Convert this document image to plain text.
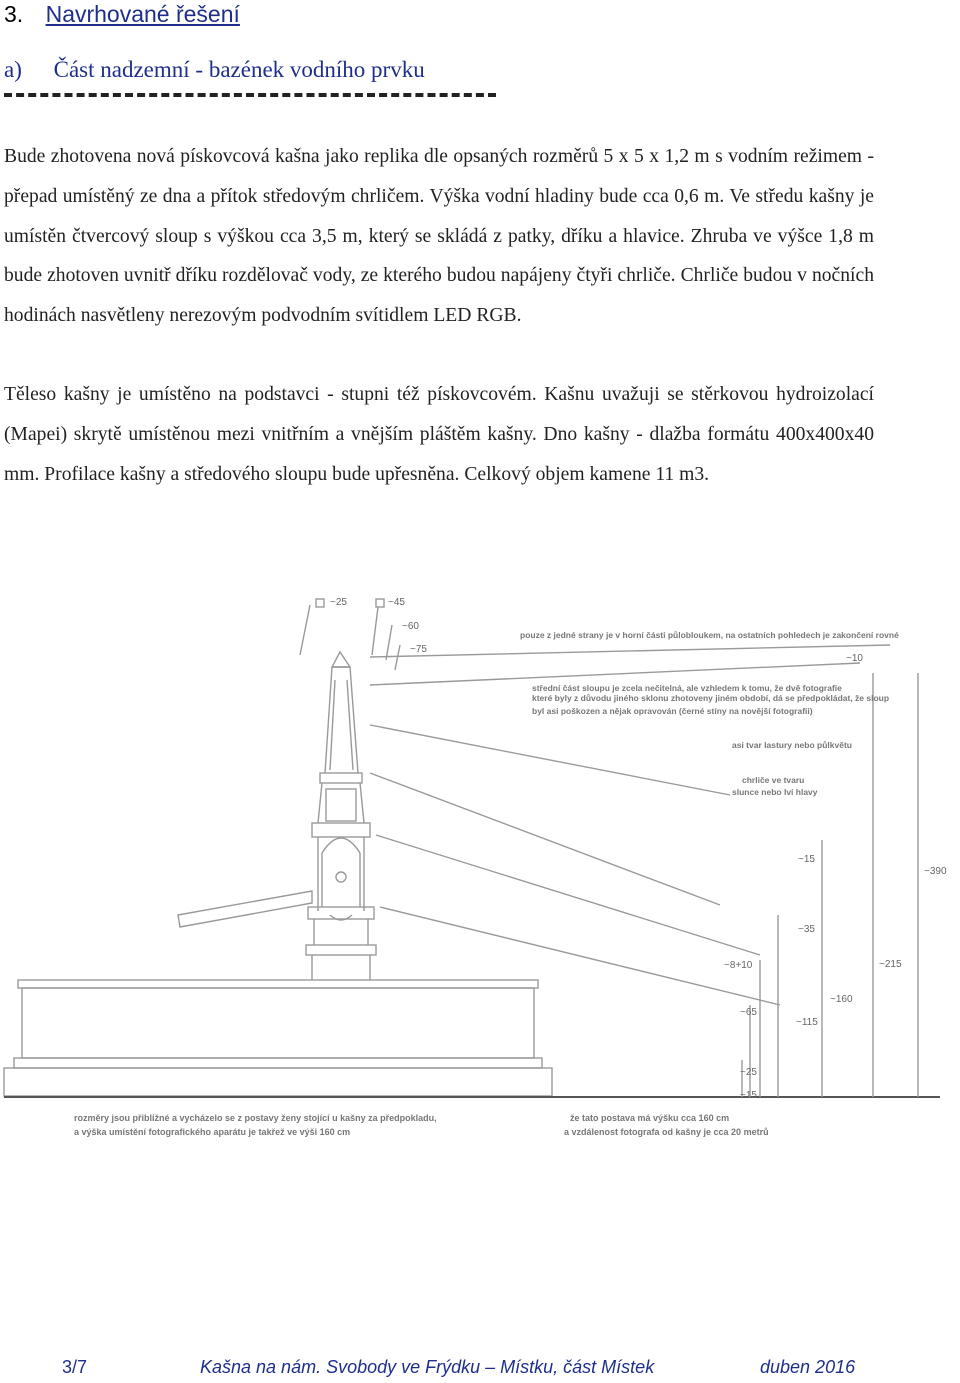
3. Navrhované řešení
a) Část nadzemní - bazének vodního prvku

Bude zhotovena nová pískovcová kašna jako replika dle opsaných rozměrů 5 x 5 x 1,2 m s vodním režimem - přepad umístěný ze dna a přítok středovým chrličem. Výška vodní hladiny bude cca 0,6 m. Ve středu kašny je umístěn čtvercový sloup s výškou cca 3,5 m, který se skládá z patky, dříku a hlavice. Zhruba ve výšce 1,8 m bude zhotoven uvnitř dříku rozdělovač vody, ze kterého budou napájeny čtyři chrliče. Chrliče budou v nočních hodinách nasvětleny nerezovým podvodním svítidlem LED RGB.

Těleso kašny je umístěno na podstavci - stupni též pískovcovém. Kašnu uvažuji se stěrkovou hydroizolací (Mapei) skrytě umístěnou mezi vnitřním a vnějším pláštěm kašny. Dno kašny - dlažba formátu 400x400x40 mm. Profilace kašny a středového sloupu bude upřesněna. Celkový objem kamene 11 m3.

~25	~45
~60
~75
~10
~390
~15
~35
~8+10	~215
~160
~65
~115
~25
~15
pouze z jedné strany je v horní části půlobloukem, na ostatních pohledech je zakončení rovné
střední část sloupu je zcela nečitelná, ale vzhledem k tomu, že dvě fotografie
které byly z důvodu jiného sklonu zhotoveny jiném období, dá se předpokládat, že sloup
byl asi poškozen a nějak opravován (černé stíny na novější fotografii)
asi tvar lastury nebo půlkvětu
chrliče ve tvaru
slunce nebo lví hlavy
rozměry jsou přibližné a vycházelo se z postavy ženy stojící u kašny za předpokladu,
a výška umístění fotografického aparátu je takřež ve výši 160 cm
že tato postava má výšku cca 160 cm
a vzdálenost fotografa od kašny je cca 20 metrů
3/7	Kašna na nám. Svobody ve Frýdku – Místku, část Místek	duben 2016
